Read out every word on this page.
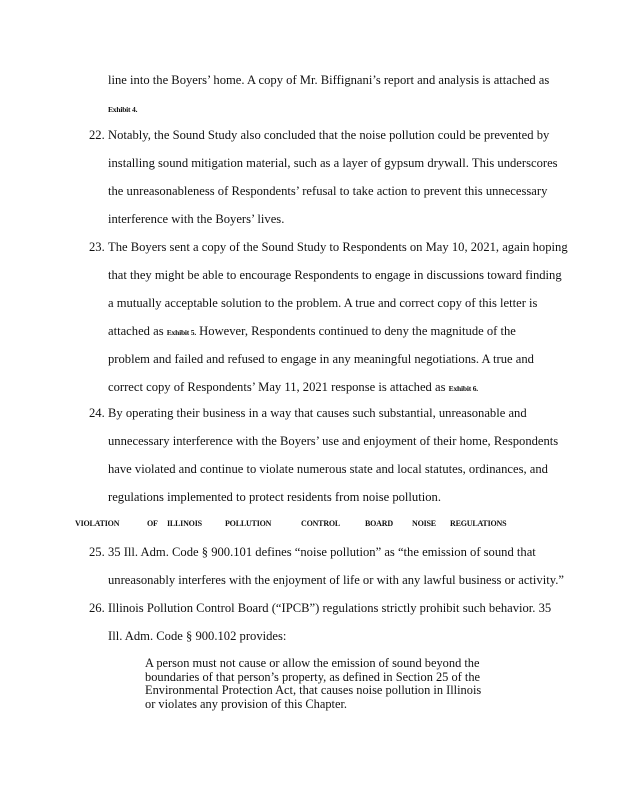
line into the Boyers’ home. A copy of Mr. Biffignani’s report and analysis is attached as
Exhibit 4.
22. Notably, the Sound Study also concluded that the noise pollution could be prevented by
installing sound mitigation material, such as a layer of gypsum drywall. This underscores
the unreasonableness of Respondents’ refusal to take action to prevent this unnecessary
interference with the Boyers’ lives.
23. The Boyers sent a copy of the Sound Study to Respondents on May 10, 2021, again hoping
that they might be able to encourage Respondents to engage in discussions toward finding
a mutually acceptable solution to the problem. A true and correct copy of this letter is
attached as Exhibit 5. However, Respondents continued to deny the magnitude of the
problem and failed and refused to engage in any meaningful negotiations. A true and
correct copy of Respondents’ May 11, 2021 response is attached as Exhibit 6.
24. By operating their business in a way that causes such substantial, unreasonable and
unnecessary interference with the Boyers’ use and enjoyment of their home, Respondents
have violated and continue to violate numerous state and local statutes, ordinances, and
regulations implemented to protect residents from noise pollution.
VIOLATION	OF ILLINOIS	POLLUTION	CONTROL	BOARD NOISE REGULATIONS
25. 35 Ill. Adm. Code § 900.101 defines “noise pollution” as “the emission of sound that
unreasonably interferes with the enjoyment of life or with any lawful business or activity.”
26. Illinois Pollution Control Board (“IPCB”) regulations strictly prohibit such behavior. 35
Ill. Adm. Code § 900.102 provides:
A person must not cause or allow the emission of sound beyond the
boundaries of that person’s property, as defined in Section 25 of the
Environmental Protection Act, that causes noise pollution in Illinois
or violates any provision of this Chapter.
